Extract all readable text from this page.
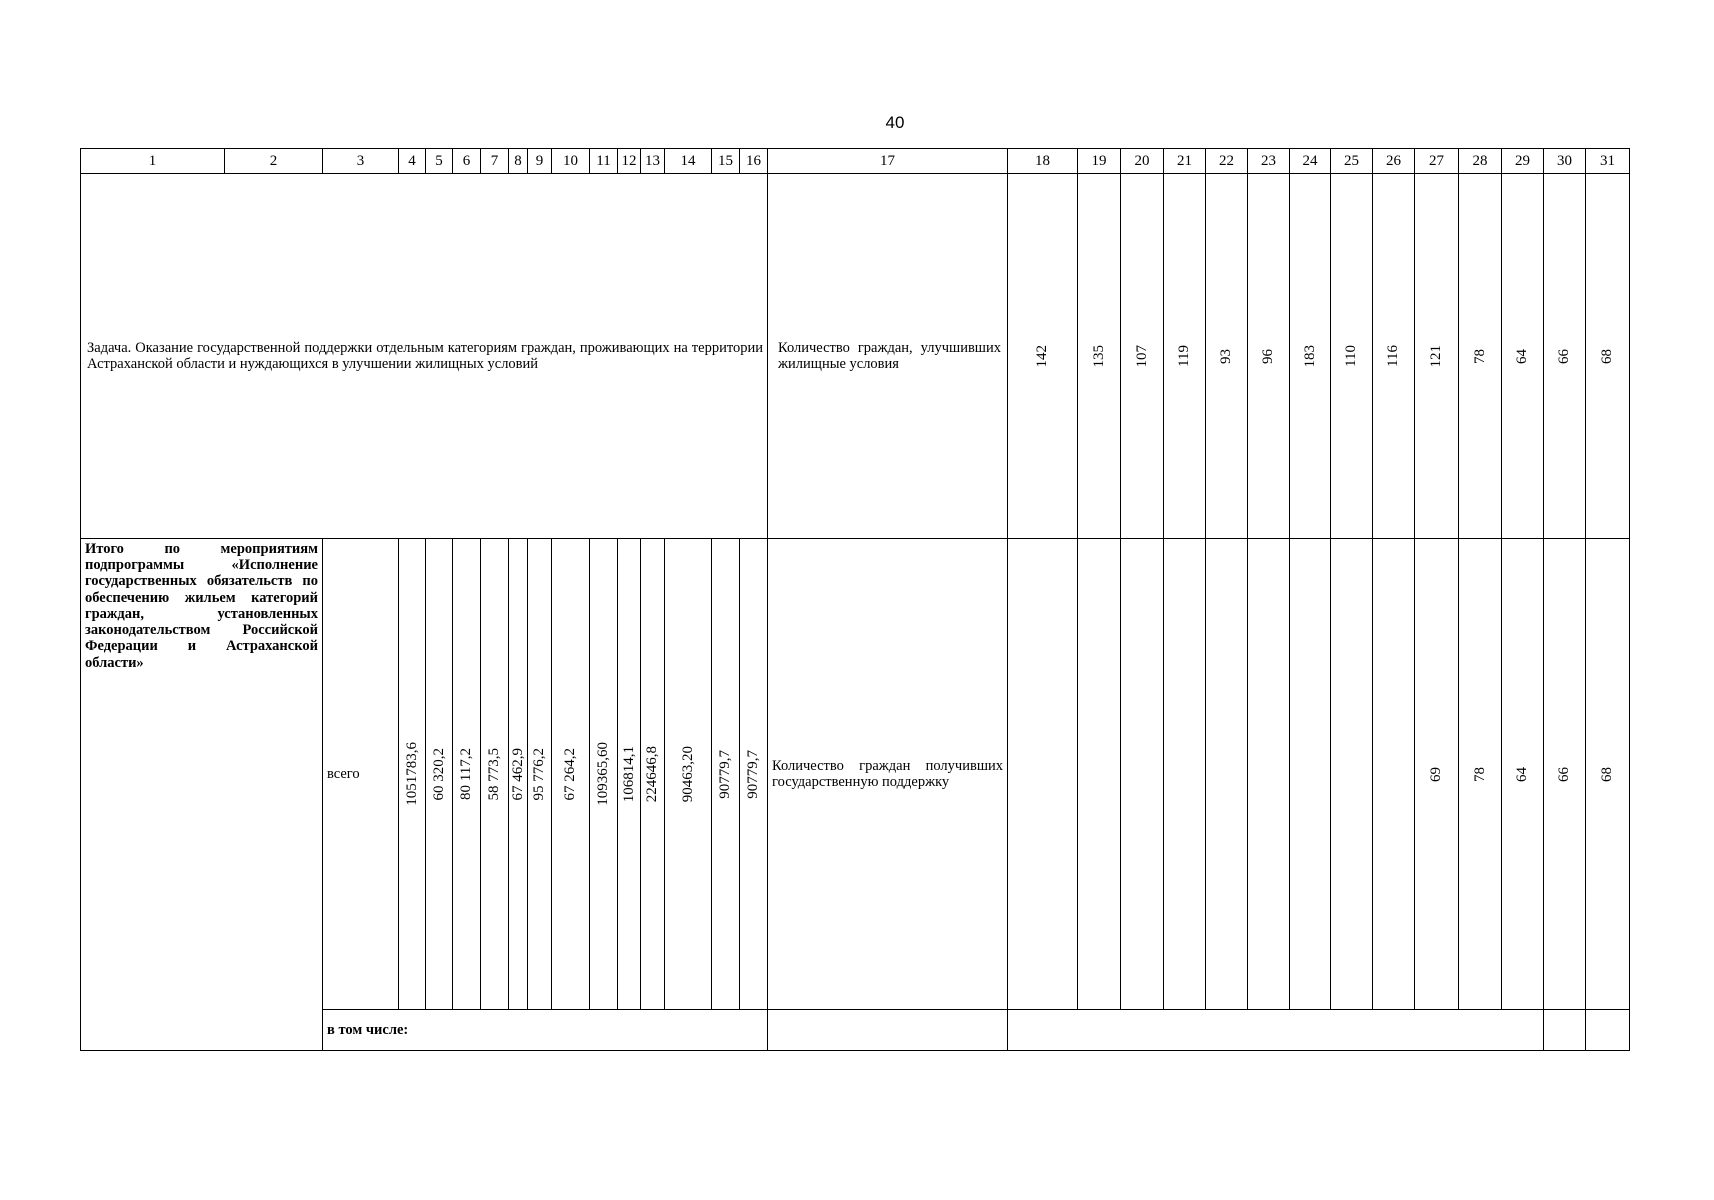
40
1	2	3	4	5	6	7	8	9	10	11	12	13	14	15	16	17	18	19	20	21	22	23	24	25	26	27	28	29	30	31
Задача. Оказание государственной поддержки отдельным категориям граждан, проживающих на территории Астраханской области и нуждающихся в улучшении жилищных условий																Количество граждан, улучшивших жилищные условия	142	135	107	119	93	96	183	110	116	121	78	64	66	68

Итого по мероприятиям подпрограммы «Исполнение государственных обязательств по обеспечению жильем категорий граждан, установленных законодательством Российской Федерации и Астраханской области»		всего	1051783,6	60 320,2	80 117,2	58 773,5	67 462,9	95 776,2	67 264,2	109365,60	106814,1	224646,8	90463,20	90779,7	90779,7	Количество граждан получивших государственную поддержку										69	78	64	66	68

		в том числе:																												
